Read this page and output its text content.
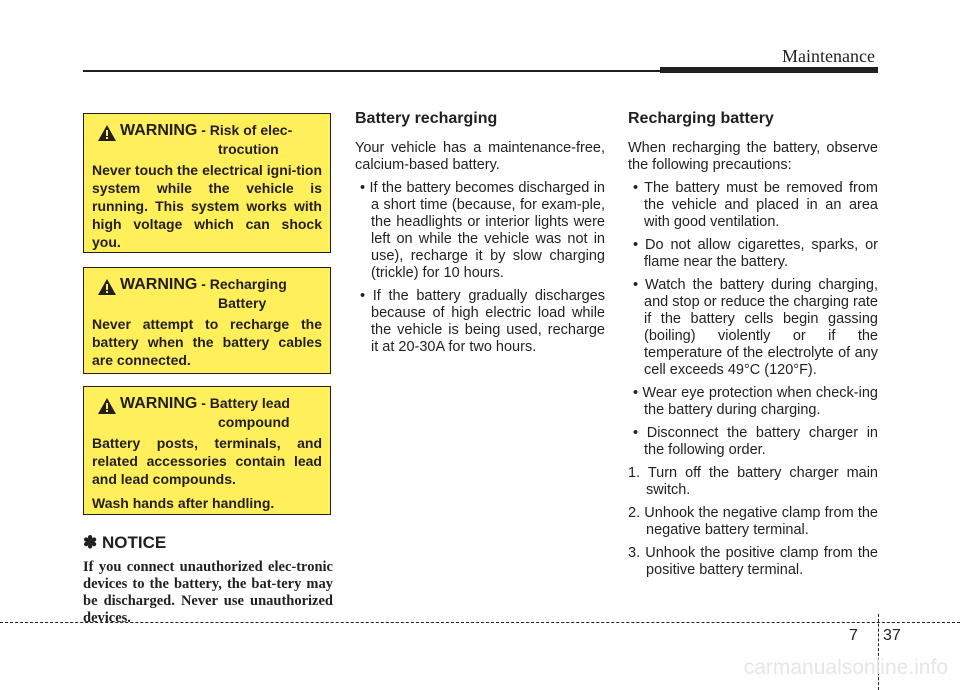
Maintenance
WARNING - Risk of elec-
trocution

Never touch the electrical igni-tion system while the vehicle is running. This system works with high voltage which can shock you.

WARNING - Recharging
Battery

Never attempt to recharge the battery when the battery cables are connected.

WARNING - Battery lead
compound

Battery posts, terminals, and related accessories contain lead and lead compounds.

Wash hands after handling.

✽ NOTICE

If you connect unauthorized elec-tronic devices to the battery, the bat-tery may be discharged. Never use unauthorized devices.

Battery recharging

Your vehicle has a maintenance-free, calcium-based battery.

• If the battery becomes discharged in a short time (because, for exam-ple, the headlights or interior lights were left on while the vehicle was not in use), recharge it by slow charging (trickle) for 10 hours.
• If the battery gradually discharges because of high electric load while the vehicle is being used, recharge it at 20-30A for two hours.
Recharging battery

When recharging the battery, observe the following precautions:

• The battery must be removed from the vehicle and placed in an area with good ventilation.
• Do not allow cigarettes, sparks, or flame near the battery.
• Watch the battery during charging, and stop or reduce the charging rate if the battery cells begin gassing (boiling) violently or if the temperature of the electrolyte of any cell exceeds 49°C (120°F).
• Wear eye protection when check-ing the battery during charging.
• Disconnect the battery charger in the following order.
1. Turn off the battery charger main switch.
2. Unhook the negative clamp from the negative battery terminal.
3. Unhook the positive clamp from the positive battery terminal.
7 37
carmanualsonline.info
